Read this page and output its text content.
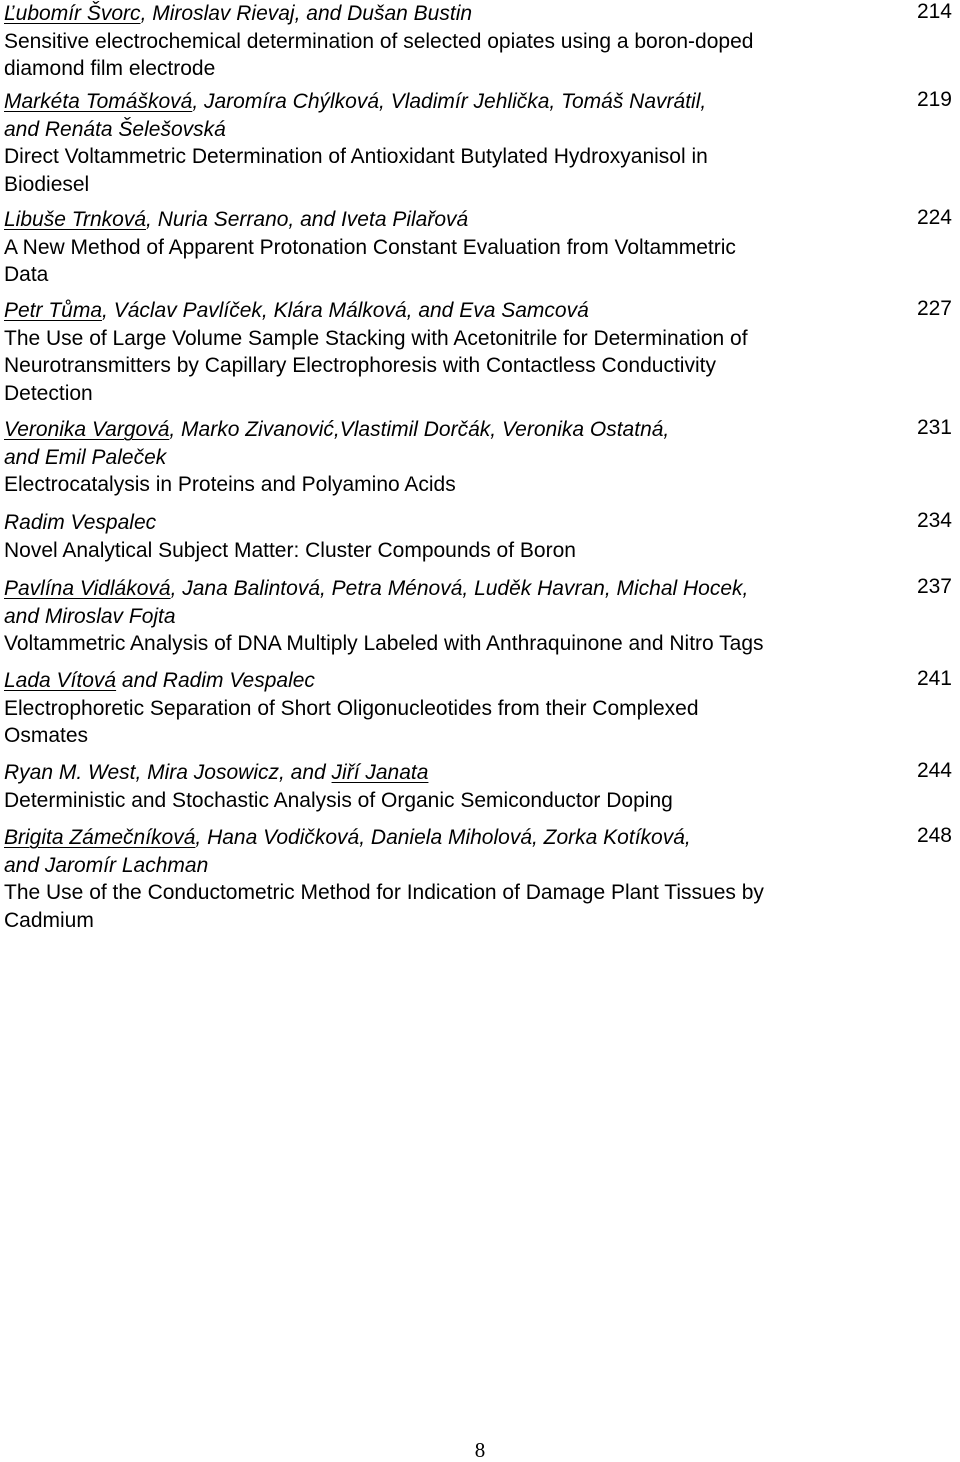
Ľubomír Švorc, Miroslav Rievaj, and Dušan Bustin
Sensitive electrochemical determination of selected opiates using a boron-doped
diamond film electrode
214
Markéta Tomášková, Jaromíra Chýlková, Vladimír Jehlička, Tomáš Navrátil,
and Renáta Šelešovská
Direct Voltammetric Determination of Antioxidant Butylated Hydroxyanisol in
Biodiesel
219
Libuše Trnková, Nuria Serrano, and Iveta Pilařová
A New Method of Apparent Protonation Constant Evaluation from Voltammetric
Data
224
Petr Tůma, Václav Pavlíček, Klára Málková, and Eva Samcová
The Use of Large Volume Sample Stacking with Acetonitrile for Determination of
Neurotransmitters by Capillary Electrophoresis with Contactless Conductivity
Detection
227
Veronika Vargová, Marko Zivanović,Vlastimil Dorčák, Veronika Ostatná,
and Emil Paleček
Electrocatalysis in Proteins and Polyamino Acids
231
Radim Vespalec
Novel Analytical Subject Matter: Cluster Compounds of Boron
234
Pavlína Vidláková, Jana Balintová, Petra Ménová, Luděk Havran, Michal Hocek,
and Miroslav Fojta
Voltammetric Analysis of DNA Multiply Labeled with Anthraquinone and Nitro Tags
237
Lada Vítová and Radim Vespalec
Electrophoretic Separation of Short Oligonucleotides from their Complexed
Osmates
241
Ryan M. West, Mira Josowicz, and Jiří Janata
Deterministic and Stochastic Analysis of Organic Semiconductor Doping
244
Brigita Zámečníková, Hana Vodičková, Daniela Miholová, Zorka Kotíková,
and Jaromír Lachman
The Use of the Conductometric Method for Indication of Damage Plant Tissues by
Cadmium
248
8
